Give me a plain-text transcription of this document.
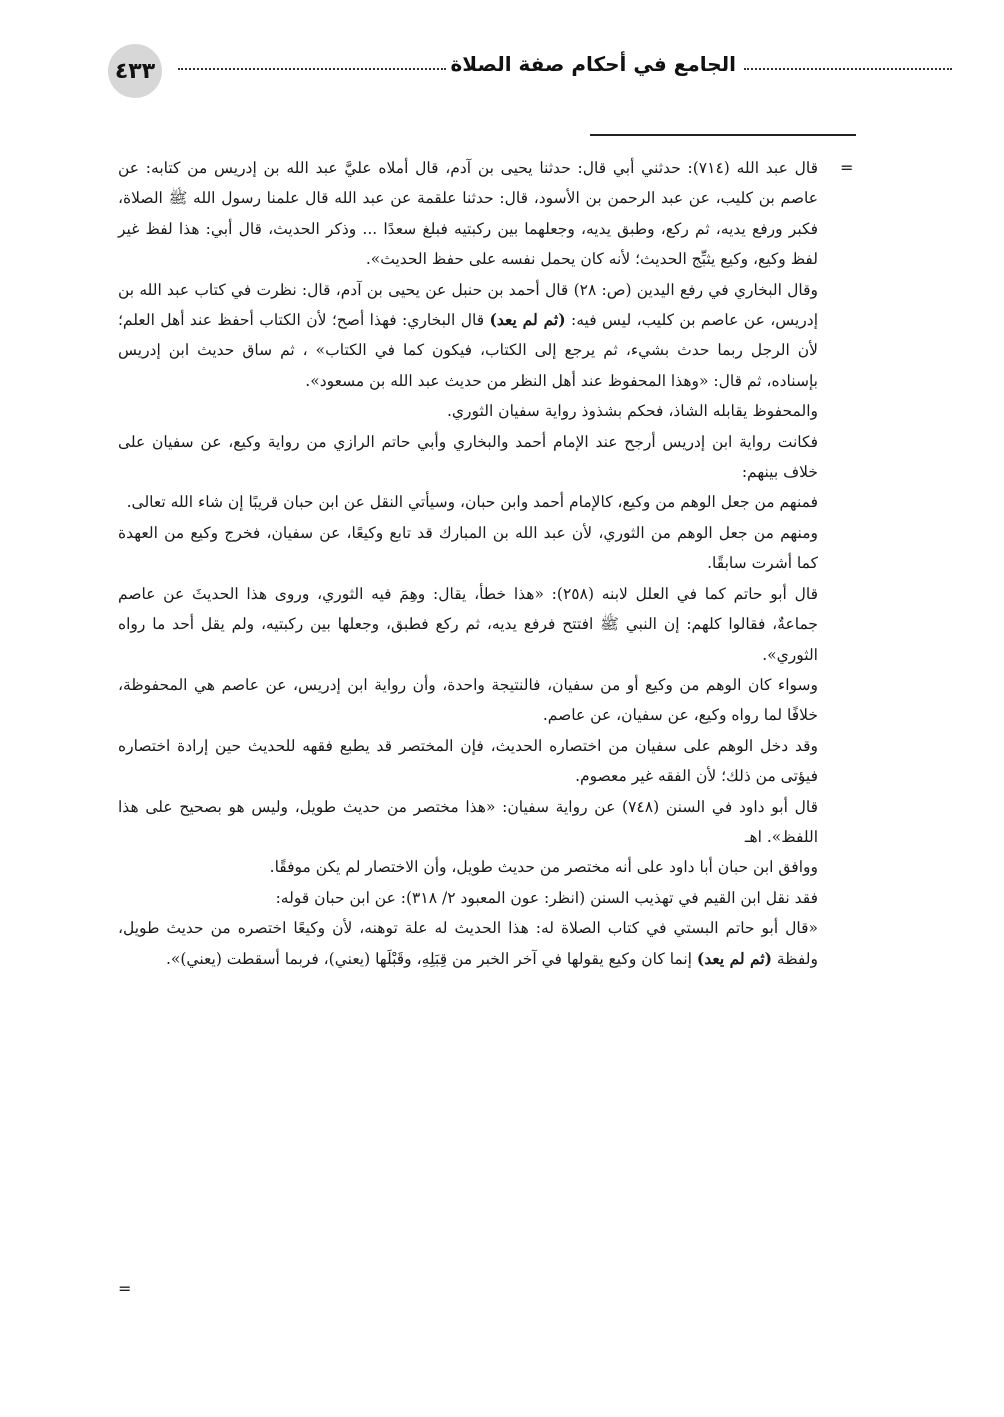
٤٣٣	الجامع في أحكام صفة الصلاة
=

قال عبد الله (٧١٤): حدثني أبي قال: حدثنا يحيى بن آدم، قال أملاه عليَّ عبد الله بن إدريس من كتابه: عن عاصم بن كليب، عن عبد الرحمن بن الأسود، قال: حدثنا علقمة عن عبد الله قال علمنا رسول الله ﷺ الصلاة، فكبر ورفع يديه، ثم ركع، وطبق يديه، وجعلهما بين ركبتيه فبلغ سعدًا ... وذكر الحديث، قال أبي: هذا لفظ غير لفظ وكيع، وكيع يثبِّج الحديث؛ لأنه كان يحمل نفسه على حفظ الحديث».

وقال البخاري في رفع اليدين (ص: ٢٨) قال أحمد بن حنبل عن يحيى بن آدم، قال: نظرت في كتاب عبد الله بن إدريس، عن عاصم بن كليب، ليس فيه: (ثم لم يعد) قال البخاري: فهذا أصح؛ لأن الكتاب أحفظ عند أهل العلم؛ لأن الرجل ربما حدث بشيء، ثم يرجع إلى الكتاب، فيكون كما في الكتاب» ، ثم ساق حديث ابن إدريس بإسناده، ثم قال: «وهذا المحفوظ عند أهل النظر من حديث عبد الله بن مسعود».

والمحفوظ يقابله الشاذ، فحكم بشذوذ رواية سفيان الثوري.

فكانت رواية ابن إدريس أرجح عند الإمام أحمد والبخاري وأبي حاتم الرازي من رواية وكيع، عن سفيان على خلاف بينهم:

فمنهم من جعل الوهم من وكيع، كالإمام أحمد وابن حبان، وسيأتي النقل عن ابن حبان قريبًا إن شاء الله تعالى.

ومنهم من جعل الوهم من الثوري، لأن عبد الله بن المبارك قد تابع وكيعًا، عن سفيان، فخرج وكيع من العهدة كما أشرت سابقًا.

قال أبو حاتم كما في العلل لابنه (٢٥٨): «هذا خطأ، يقال: وهِمَ فيه الثوري، وروى هذا الحديثَ عن عاصم جماعةٌ، فقالوا كلهم: إن النبي ﷺ افتتح فرفع يديه، ثم ركع فطبق، وجعلها بين ركبتيه، ولم يقل أحد ما رواه الثوري».

وسواء كان الوهم من وكيع أو من سفيان، فالنتيجة واحدة، وأن رواية ابن إدريس، عن عاصم هي المحفوظة، خلافًا لما رواه وكيع، عن سفيان، عن عاصم.

وقد دخل الوهم على سفيان من اختصاره الحديث، فإن المختصر قد يطبع فقهه للحديث حين إرادة اختصاره فيؤتى من ذلك؛ لأن الفقه غير معصوم.

قال أبو داود في السنن (٧٤٨) عن رواية سفيان: «هذا مختصر من حديث طويل، وليس هو بصحيح على هذا اللفظ». اهـ

ووافق ابن حبان أبا داود على أنه مختصر من حديث طويل، وأن الاختصار لم يكن موفقًا.

فقد نقل ابن القيم في تهذيب السنن (انظر: عون المعبود ٢/ ٣١٨): عن ابن حبان قوله:

«قال أبو حاتم البستي في كتاب الصلاة له: هذا الحديث له علة توهنه، لأن وكيعًا اختصره من حديث طويل، ولفظة (ثم لم يعد) إنما كان وكيع يقولها في آخر الخبر من قِبَلِهِ، وقَبْلَها (يعني)، فربما أسقطت (يعني)».

=
